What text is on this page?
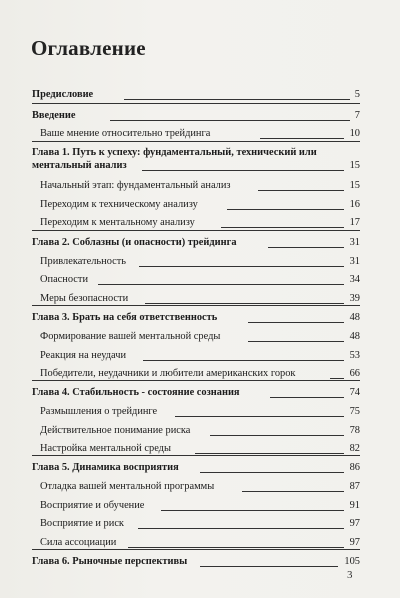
Оглавление
Предисловие	5
Введение	7
Ваше мнение относительно трейдинга	10
Глава 1. Путь к успеху: фундаментальный, технический или
ментальный анализ	15
Начальный этап: фундаментальный анализ	15
Переходим к техническому анализу	16
Переходим к ментальному анализу	17
Глава 2. Соблазны (и опасности) трейдинга	31
Привлекательность	31
Опасности	34
Меры безопасности	39
Глава 3. Брать на себя ответственность	48
Формирование вашей ментальной среды	48
Реакция на неудачи	53
Победители, неудачники и любители американских горок	66
Глава 4. Стабильность - состояние сознания	74
Размышления о трейдинге	75
Действительное понимание риска	78
Настройка ментальной среды	82
Глава 5. Динамика восприятия	86
Отладка вашей ментальной программы	87
Восприятие и обучение	91
Восприятие и риск	97
Сила ассоциации	97
Глава 6. Рыночные перспективы	105
3
